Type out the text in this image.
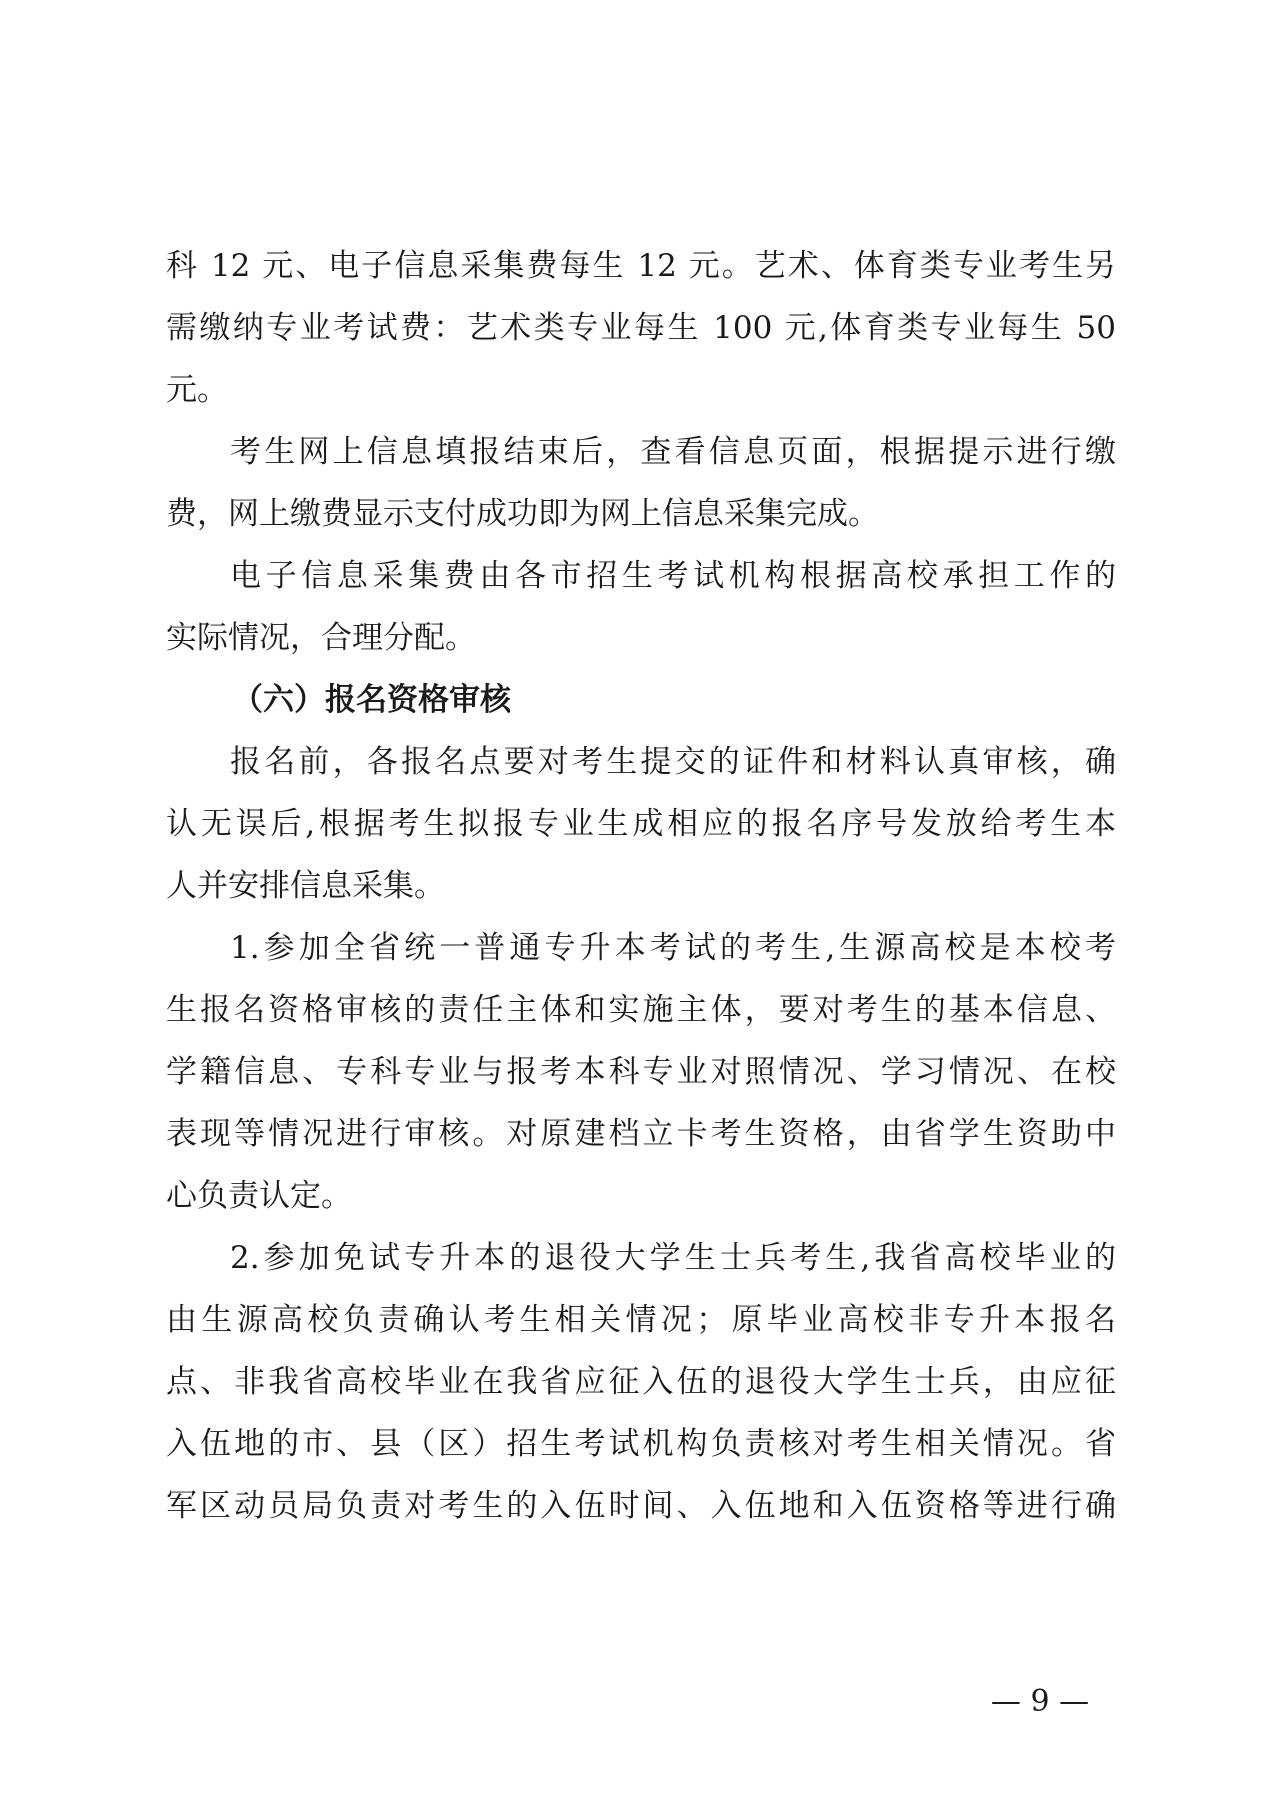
科 12 元、电子信息采集费每生 12 元。艺术、体育类专业考生另
需缴纳专业考试费：艺术类专业每生 100 元,体育类专业每生 50
元。
考生网上信息填报结束后，查看信息页面，根据提示进行缴
费，网上缴费显示支付成功即为网上信息采集完成。
电子信息采集费由各市招生考试机构根据高校承担工作的
实际情况，合理分配。
（六）报名资格审核
报名前，各报名点要对考生提交的证件和材料认真审核，确
认无误后,根据考生拟报专业生成相应的报名序号发放给考生本
人并安排信息采集。
1.参加全省统一普通专升本考试的考生,生源高校是本校考
生报名资格审核的责任主体和实施主体，要对考生的基本信息、
学籍信息、专科专业与报考本科专业对照情况、学习情况、在校
表现等情况进行审核。对原建档立卡考生资格，由省学生资助中
心负责认定。
2.参加免试专升本的退役大学生士兵考生,我省高校毕业的
由生源高校负责确认考生相关情况；原毕业高校非专升本报名
点、非我省高校毕业在我省应征入伍的退役大学生士兵，由应征
入伍地的市、县（区）招生考试机构负责核对考生相关情况。省
军区动员局负责对考生的入伍时间、入伍地和入伍资格等进行确
— 9 —
